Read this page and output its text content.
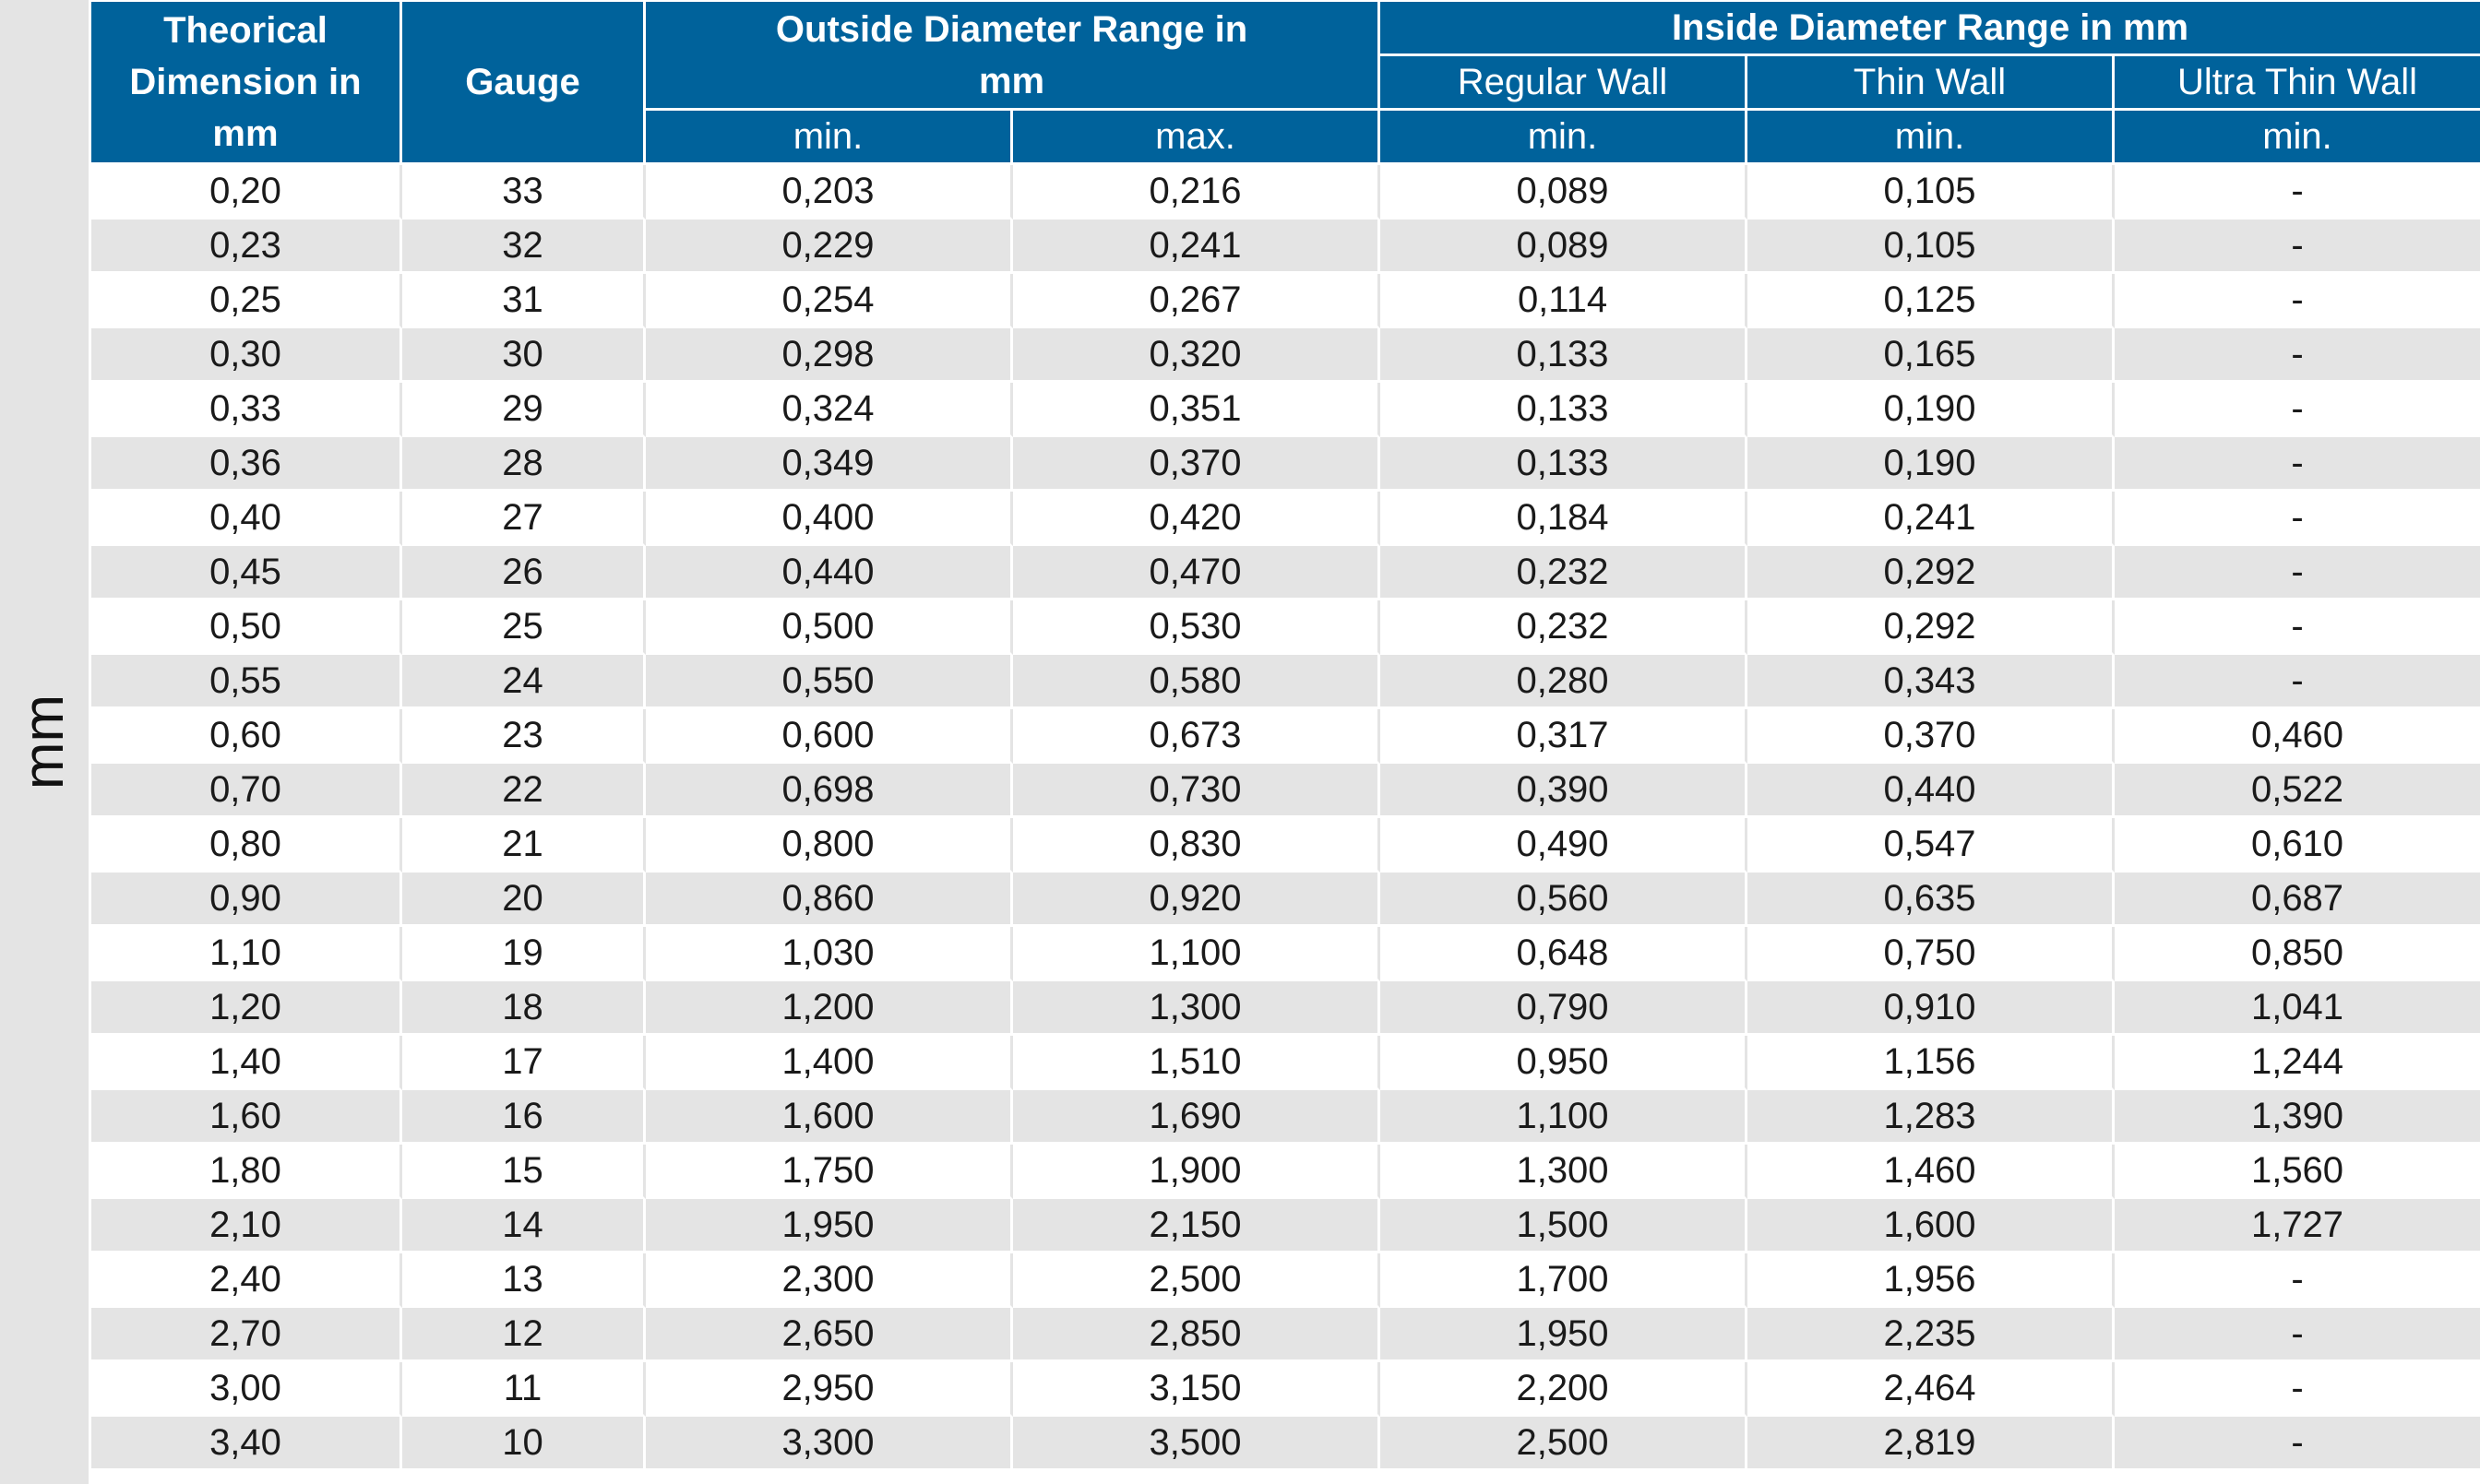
mm
Theorical Dimension in mm	Gauge	Outside Diameter Range in mm		Inside Diameter Range in mm		
				Regular Wall	Thin Wall	Ultra Thin Wall
		min.	max.	min.	min.	min.
0,20	33	0,203	0,216	0,089	0,105	-
0,23	32	0,229	0,241	0,089	0,105	-
0,25	31	0,254	0,267	0,114	0,125	-
0,30	30	0,298	0,320	0,133	0,165	-
0,33	29	0,324	0,351	0,133	0,190	-
0,36	28	0,349	0,370	0,133	0,190	-
0,40	27	0,400	0,420	0,184	0,241	-
0,45	26	0,440	0,470	0,232	0,292	-
0,50	25	0,500	0,530	0,232	0,292	-
0,55	24	0,550	0,580	0,280	0,343	-
0,60	23	0,600	0,673	0,317	0,370	0,460
0,70	22	0,698	0,730	0,390	0,440	0,522
0,80	21	0,800	0,830	0,490	0,547	0,610
0,90	20	0,860	0,920	0,560	0,635	0,687
1,10	19	1,030	1,100	0,648	0,750	0,850
1,20	18	1,200	1,300	0,790	0,910	1,041
1,40	17	1,400	1,510	0,950	1,156	1,244
1,60	16	1,600	1,690	1,100	1,283	1,390
1,80	15	1,750	1,900	1,300	1,460	1,560
2,10	14	1,950	2,150	1,500	1,600	1,727
2,40	13	2,300	2,500	1,700	1,956	-
2,70	12	2,650	2,850	1,950	2,235	-
3,00	11	2,950	3,150	2,200	2,464	-
3,40	10	3,300	3,500	2,500	2,819	-
